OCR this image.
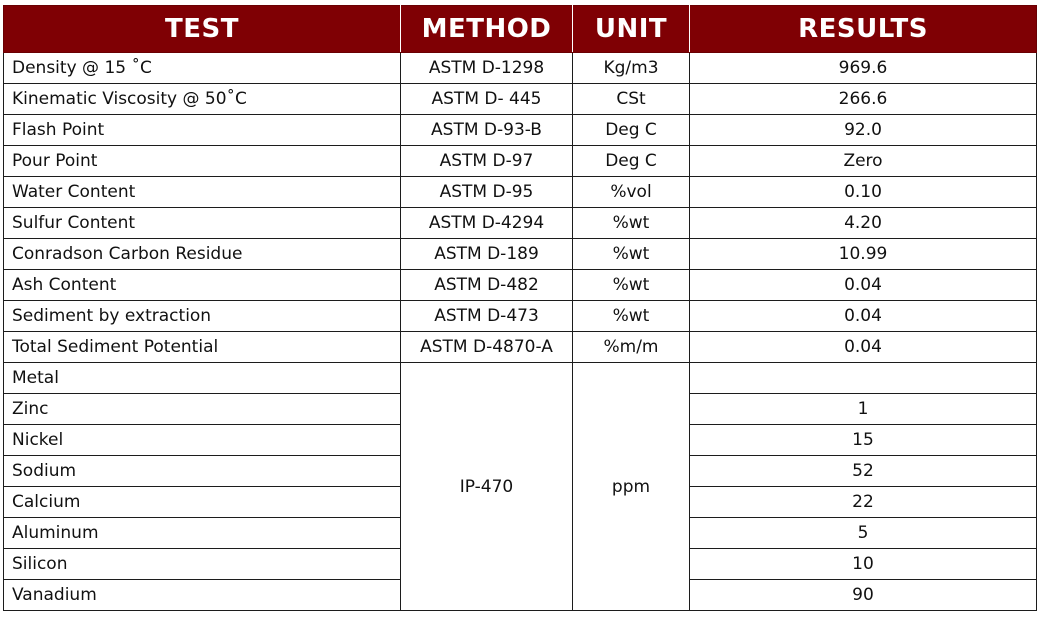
TEST	METHOD	UNIT	RESULTS
Density @ 15 ˚C	ASTM D-1298	Kg/m3	969.6
Kinematic Viscosity @ 50˚C	ASTM D- 445	CSt	266.6
Flash Point	ASTM D-93-B	Deg C	92.0
Pour Point	ASTM D-97	Deg C	Zero
Water Content	ASTM D-95	%vol	0.10
Sulfur Content	ASTM D-4294	%wt	4.20
Conradson Carbon Residue	ASTM D-189	%wt	10.99
Ash Content	ASTM D-482	%wt	0.04
Sediment by extraction	ASTM D-473	%wt	0.04
Total Sediment Potential	ASTM D-4870-A	%m/m	0.04
Metal	IP-470	ppm	
Zinc			1
Nickel			15
Sodium			52
Calcium			22
Aluminum			5
Silicon			10
Vanadium			90
